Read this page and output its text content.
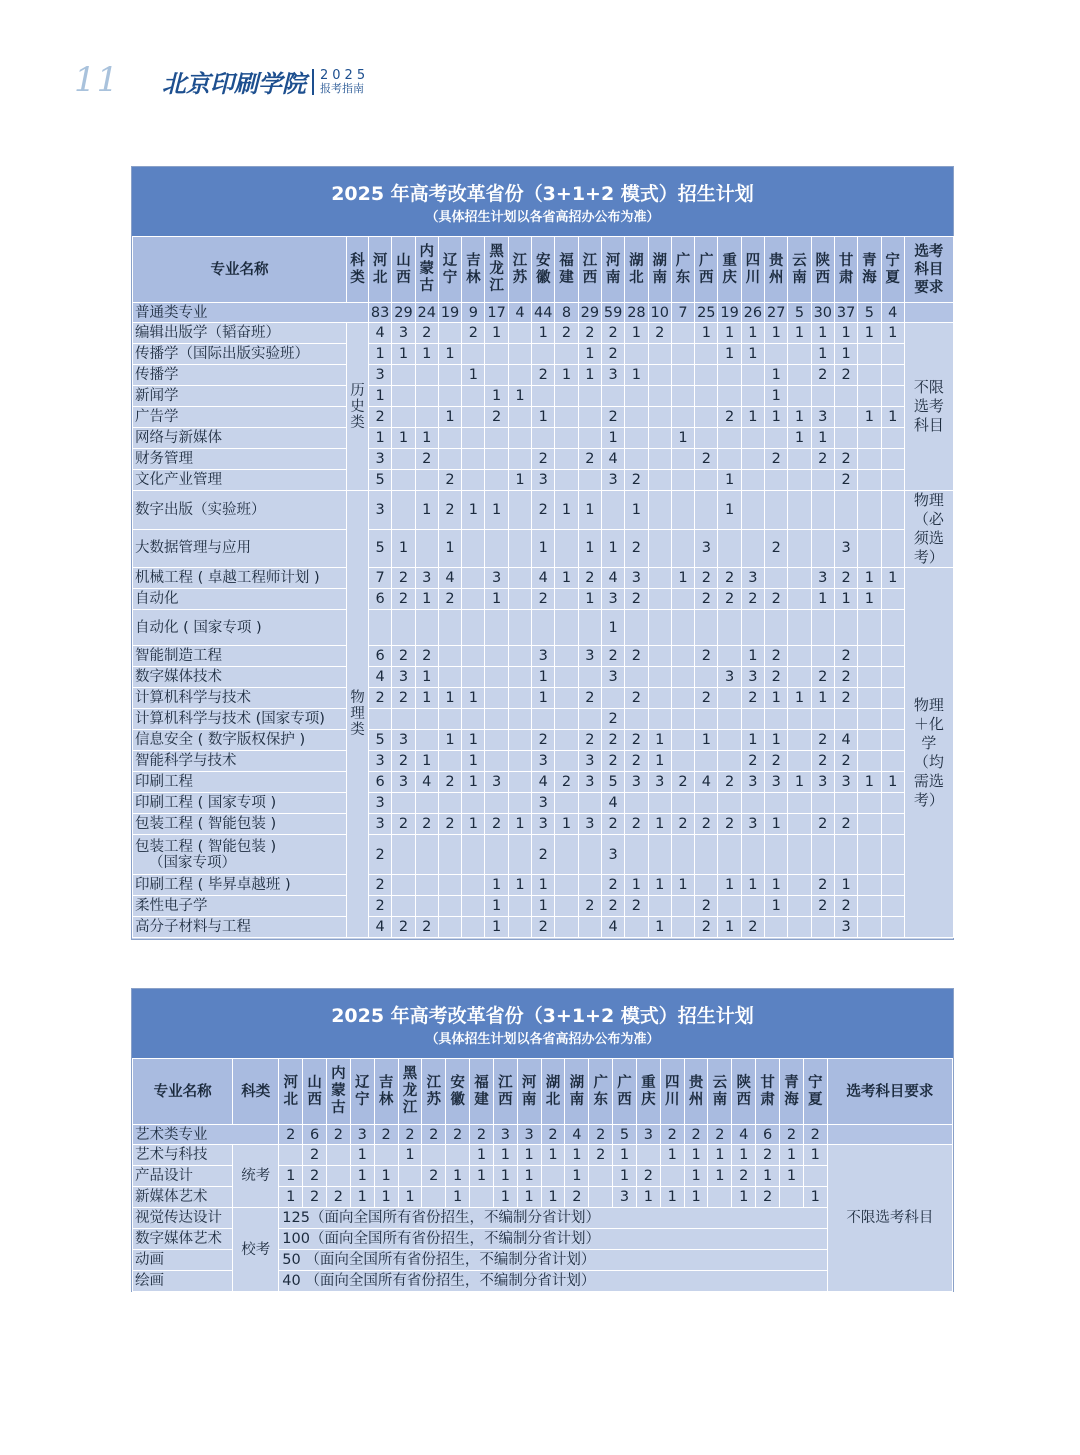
11 北京印刷学院 2025
报考指南
2025 年高考改革省份（3+1+2 模式）招生计划
（具体招生计划以各省高招办公布为准）
专业名称	科类	河北	山西	内蒙古	辽宁	吉林	黑龙江	江苏	安徽	福建	江西	河南	湖北	湖南	广东	广西	重庆	四川	贵州	云南	陕西	甘肃	青海	宁夏	选考科目要求
普通类专业		83	29	24	19	9	17	4	44	8	29	59	28	10	7	25	19	26	27	5	30	37	5	4	
编辑出版学（韬奋班）	历史类	4	3	2		2	1		1	2	2	2	1	2		1	1	1	1	1	1	1	1	1	不限选考科目
传播学（国际出版实验班）		1	1	1	1						1	2					1	1			1	1			
传播学		3				1			2	1	1	3	1						1		2	2			
新闻学		1					1	1											1						
广告学		2			1		2		1			2					2	1	1	1	3		1	1	
网络与新媒体		1	1	1								1			1					1	1				
财务管理		3		2					2		2	4				2			2		2	2			
文化产业管理		5			2			1	3			3	2				1					2			
数字出版（实验班）	物理类	3		1	2	1	1		2	1	1		1				1								物理（必须选考）
大数据管理与应用		5	1		1				1		1	1	2			3			2			3			
机械工程 ( 卓越工程师计划 )		7	2	3	4		3		4	1	2	4	3		1	2	2	3			3	2	1	1	物理＋化学（均需选考）
自动化		6	2	1	2		1		2		1	3	2			2	2	2	2		1	1	1		
自动化 ( 国家专项 )												1													
智能制造工程		6	2	2					3		3	2	2			2		1	2			2			
数字媒体技术		4	3	1					1			3					3	3	2		2	2			
计算机科学与技术		2	2	1	1	1			1		2		2			2		2	1	1	1	2			
计算机科学与技术 (国家专项)												2													
信息安全 ( 数字版权保护 )		5	3		1	1			2		2	2	2	1		1		1	1		2	4			
智能科学与技术		3	2	1		1			3		3	2	2	1				2	2		2	2			
印刷工程		6	3	4	2	1	3		4	2	3	5	3	3	2	4	2	3	3	1	3	3	1	1	
印刷工程 ( 国家专项 )		3							3			4													
包装工程 ( 智能包装 )		3	2	2	2	1	2	1	3	1	3	2	2	1	2	2	2	3	1		2	2			
包装工程 ( 智能包装 )
（国家专项）		2							2			3													
印刷工程 ( 毕昇卓越班 )		2					1	1	1			2	1	1	1		1	1	1		2	1			
柔性电子学		2					1		1		2	2	2			2			1		2	2			
高分子材料与工程		4	2	2			1		2			4		1		2	1	2				3			
2025 年高考改革省份（3+1+2 模式）招生计划
（具体招生计划以各省高招办公布为准）
专业名称	科类	河北	山西	内蒙古	辽宁	吉林	黑龙江	江苏	安徽	福建	江西	河南	湖北	湖南	广东	广西	重庆	四川	贵州	云南	陕西	甘肃	青海	宁夏	选考科目要求
艺术类专业		2	6	2	3	2	2	2	2	2	3	3	2	4	2	5	3	2	2	2	4	6	2	2	
艺术与科技	统考		2		1		1			1	1	1	1	1	2	1		1	1	1	1	2	1	1	不限选考科目
产品设计		1	2		1	1		2	1	1	1	1		1		1	2		1	1	2	1	1		
新媒体艺术		1	2	2	1	1	1		1		1	1	1	2		3	1	1	1		1	2		1	
视觉传达设计	校考	125（面向全国所有省份招生，不编制分省计划）																							
数字媒体艺术		100（面向全国所有省份招生，不编制分省计划）																							
动画		50 （面向全国所有省份招生，不编制分省计划）																							
绘画		40 （面向全国所有省份招生，不编制分省计划）																							
